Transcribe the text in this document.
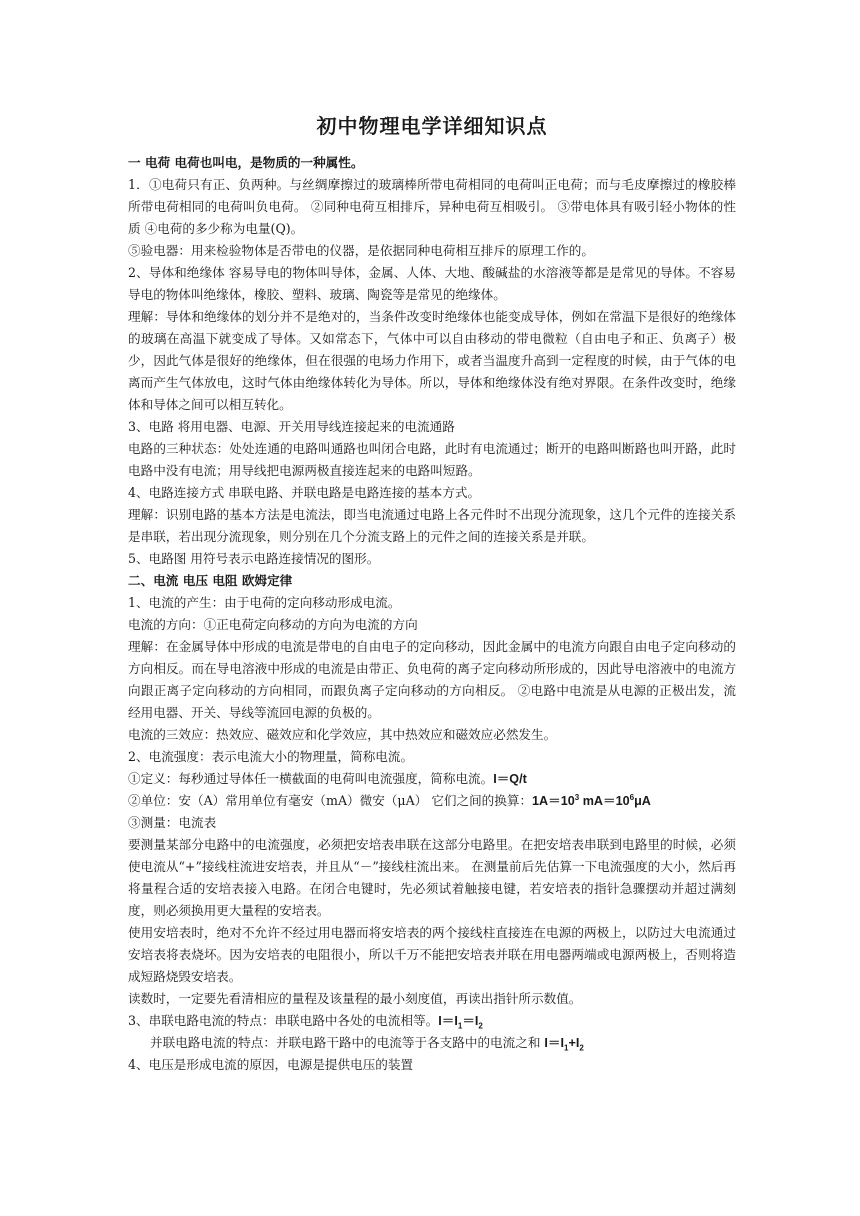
初中物理电学详细知识点

一 电荷 电荷也叫电，是物质的一种属性。

1．①电荷只有正、负两种。与丝绸摩擦过的玻璃棒所带电荷相同的电荷叫正电荷；而与毛皮摩擦过的橡胶棒所带电荷相同的电荷叫负电荷。 ②同种电荷互相排斥，异种电荷互相吸引。 ③带电体具有吸引轻小物体的性质 ④电荷的多少称为电量(Q)。

⑤验电器：用来检验物体是否带电的仪器，是依据同种电荷相互排斥的原理工作的。

2、导体和绝缘体 容易导电的物体叫导体，金属、人体、大地、酸碱盐的水溶液等都是是常见的导体。不容易导电的物体叫绝缘体，橡胶、塑料、玻璃、陶瓷等是常见的绝缘体。

理解：导体和绝缘体的划分并不是绝对的，当条件改变时绝缘体也能变成导体，例如在常温下是很好的绝缘体的玻璃在高温下就变成了导体。又如常态下，气体中可以自由移动的带电微粒（自由电子和正、负离子）极少，因此气体是很好的绝缘体，但在很强的电场力作用下，或者当温度升高到一定程度的时候，由于气体的电离而产生气体放电，这时气体由绝缘体转化为导体。所以，导体和绝缘体没有绝对界限。在条件改变时，绝缘体和导体之间可以相互转化。

3、电路 将用电器、电源、开关用导线连接起来的电流通路

电路的三种状态：处处连通的电路叫通路也叫闭合电路，此时有电流通过；断开的电路叫断路也叫开路，此时电路中没有电流；用导线把电源两极直接连起来的电路叫短路。

4、电路连接方式 串联电路、并联电路是电路连接的基本方式。

理解：识别电路的基本方法是电流法，即当电流通过电路上各元件时不出现分流现象，这几个元件的连接关系是串联，若出现分流现象，则分别在几个分流支路上的元件之间的连接关系是并联。

5、电路图 用符号表示电路连接情况的图形。

二、电流 电压 电阻 欧姆定律

1、电流的产生：由于电荷的定向移动形成电流。

电流的方向：①正电荷定向移动的方向为电流的方向

理解：在金属导体中形成的电流是带电的自由电子的定向移动，因此金属中的电流方向跟自由电子定向移动的方向相反。而在导电溶液中形成的电流是由带正、负电荷的离子定向移动所形成的，因此导电溶液中的电流方向跟正离子定向移动的方向相同，而跟负离子定向移动的方向相反。 ②电路中电流是从电源的正极出发，流经用电器、开关、导线等流回电源的负极的。

电流的三效应：热效应、磁效应和化学效应，其中热效应和磁效应必然发生。

2、电流强度：表示电流大小的物理量，简称电流。

①定义：每秒通过导体任一横截面的电荷叫电流强度，简称电流。I＝Q/t

②单位：安（A）常用单位有毫安（mA）微安（μA） 它们之间的换算：$1A=10^3$ $mA=10^6\mu A$

③测量：电流表

要测量某部分电路中的电流强度，必须把安培表串联在这部分电路里。在把安培表串联到电路里的时候，必须使电流从“+”接线柱流进安培表，并且从“－”接线柱流出来。 在测量前后先估算一下电流强度的大小，然后再将量程合适的安培表接入电路。在闭合电键时，先必须试着触接电键，若安培表的指针急骤摆动并超过满刻度，则必须换用更大量程的安培表。

使用安培表时，绝对不允许不经过用电器而将安培表的两个接线柱直接连在电源的两极上，以防过大电流通过安培表将表烧坏。因为安培表的电阻很小，所以千万不能把安培表并联在用电器两端或电源两极上，否则将造成短路烧毁安培表。

读数时，一定要先看清相应的量程及该量程的最小刻度值，再读出指针所示数值。

3、串联电路电流的特点：串联电路中各处的电流相等。$I=I_1=I_2$

并联电路电流的特点：并联电路干路中的电流等于各支路中的电流之和 $I=I_1+I_2$

4、电压是形成电流的原因，电源是提供电压的装置
